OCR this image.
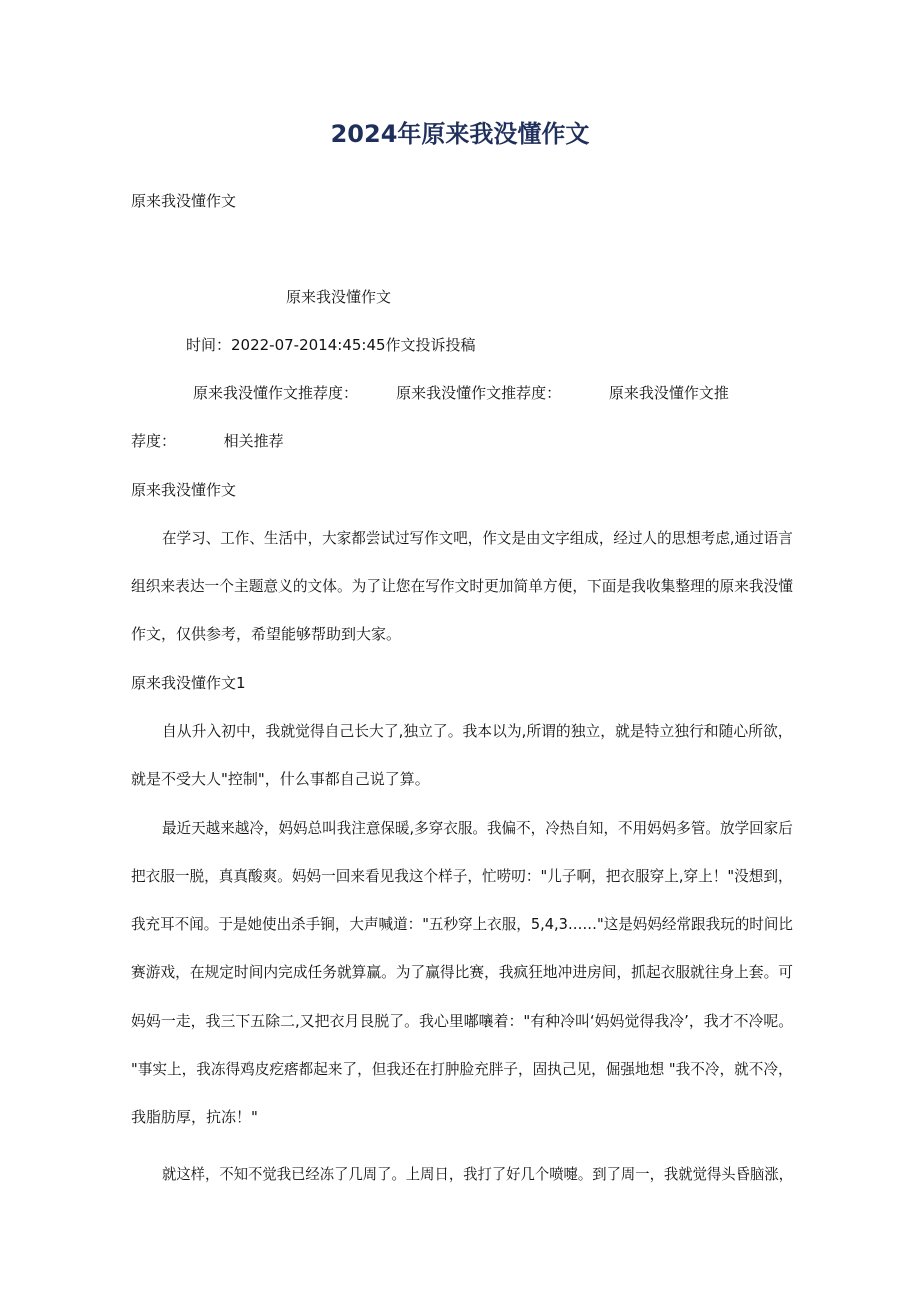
2024年原来我没懂作文
原来我没懂作文
原来我没懂作文
时间：2022-07-2014:45:45作文投诉投稿
原来我没懂作文推荐度：        原来我没懂作文推荐度：          原来我没懂作文推
荐度：          相关推荐
原来我没懂作文
在学习、工作、生活中，大家都尝试过写作文吧，作文是由文字组成，经过人的思想考虑,通过语言
组织来表达一个主题意义的文体。为了让您在写作文时更加简单方便，下面是我收集整理的原来我没懂
作文，仅供参考，希望能够帮助到大家。
原来我没懂作文1
自从升入初中，我就觉得自己长大了,独立了。我本以为,所谓的独立，就是特立独行和随心所欲，
就是不受大人"控制"，什么事都自己说了算。
最近天越来越冷，妈妈总叫我注意保暖,多穿衣服。我偏不，冷热自知，不用妈妈多管。放学回家后
把衣服一脱，真真酸爽。妈妈一回来看见我这个样子，忙唠叨："儿子啊，把衣服穿上,穿上！"没想到，
我充耳不闻。于是她使出杀手锏，大声喊道："五秒穿上衣服，5,4,3……"这是妈妈经常跟我玩的时间比
赛游戏，在规定时间内完成任务就算赢。为了赢得比赛，我疯狂地冲进房间，抓起衣服就往身上套。可
妈妈一走，我三下五除二,又把衣月艮脱了。我心里嘟嚷着："有种冷叫‘妈妈觉得我冷’，我才不冷呢。
"事实上，我冻得鸡皮疙瘩都起来了，但我还在打肿脸充胖子，固执己见，倔强地想 "我不冷，就不冷，
我脂肪厚，抗冻！"
就这样，不知不觉我已经冻了几周了。上周日，我打了好几个喷嚏。到了周一，我就觉得头昏脑涨，
